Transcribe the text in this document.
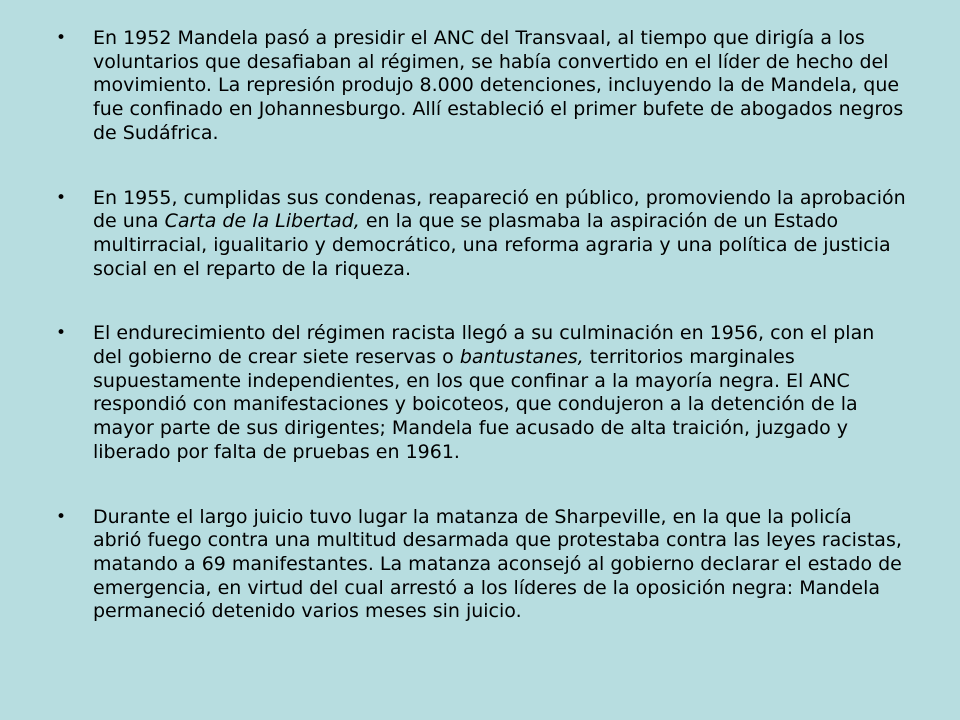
• En 1952 Mandela pasó a presidir el ANC del Transvaal, al tiempo que dirigía a los voluntarios que desafiaban al régimen, se había convertido en el líder de hecho del movimiento. La represión produjo 8.000 detenciones, incluyendo la de Mandela, que fue confinado en Johannesburgo. Allí estableció el primer bufete de abogados negros de Sudáfrica.

• En 1955, cumplidas sus condenas, reapareció en público, promoviendo la aprobación de una Carta de la Libertad, en la que se plasmaba la aspiración de un Estado multirracial, igualitario y democrático, una reforma agraria y una política de justicia social en el reparto de la riqueza.

• El endurecimiento del régimen racista llegó a su culminación en 1956, con el plan del gobierno de crear siete reservas o bantustanes, territorios marginales supuestamente independientes, en los que confinar a la mayoría negra. El ANC respondió con manifestaciones y boicoteos, que condujeron a la detención de la mayor parte de sus dirigentes; Mandela fue acusado de alta traición, juzgado y liberado por falta de pruebas en 1961.

• Durante el largo juicio tuvo lugar la matanza de Sharpeville, en la que la policía abrió fuego contra una multitud desarmada que protestaba contra las leyes racistas, matando a 69 manifestantes. La matanza aconsejó al gobierno declarar el estado de emergencia, en virtud del cual arrestó a los líderes de la oposición negra: Mandela permaneció detenido varios meses sin juicio.
